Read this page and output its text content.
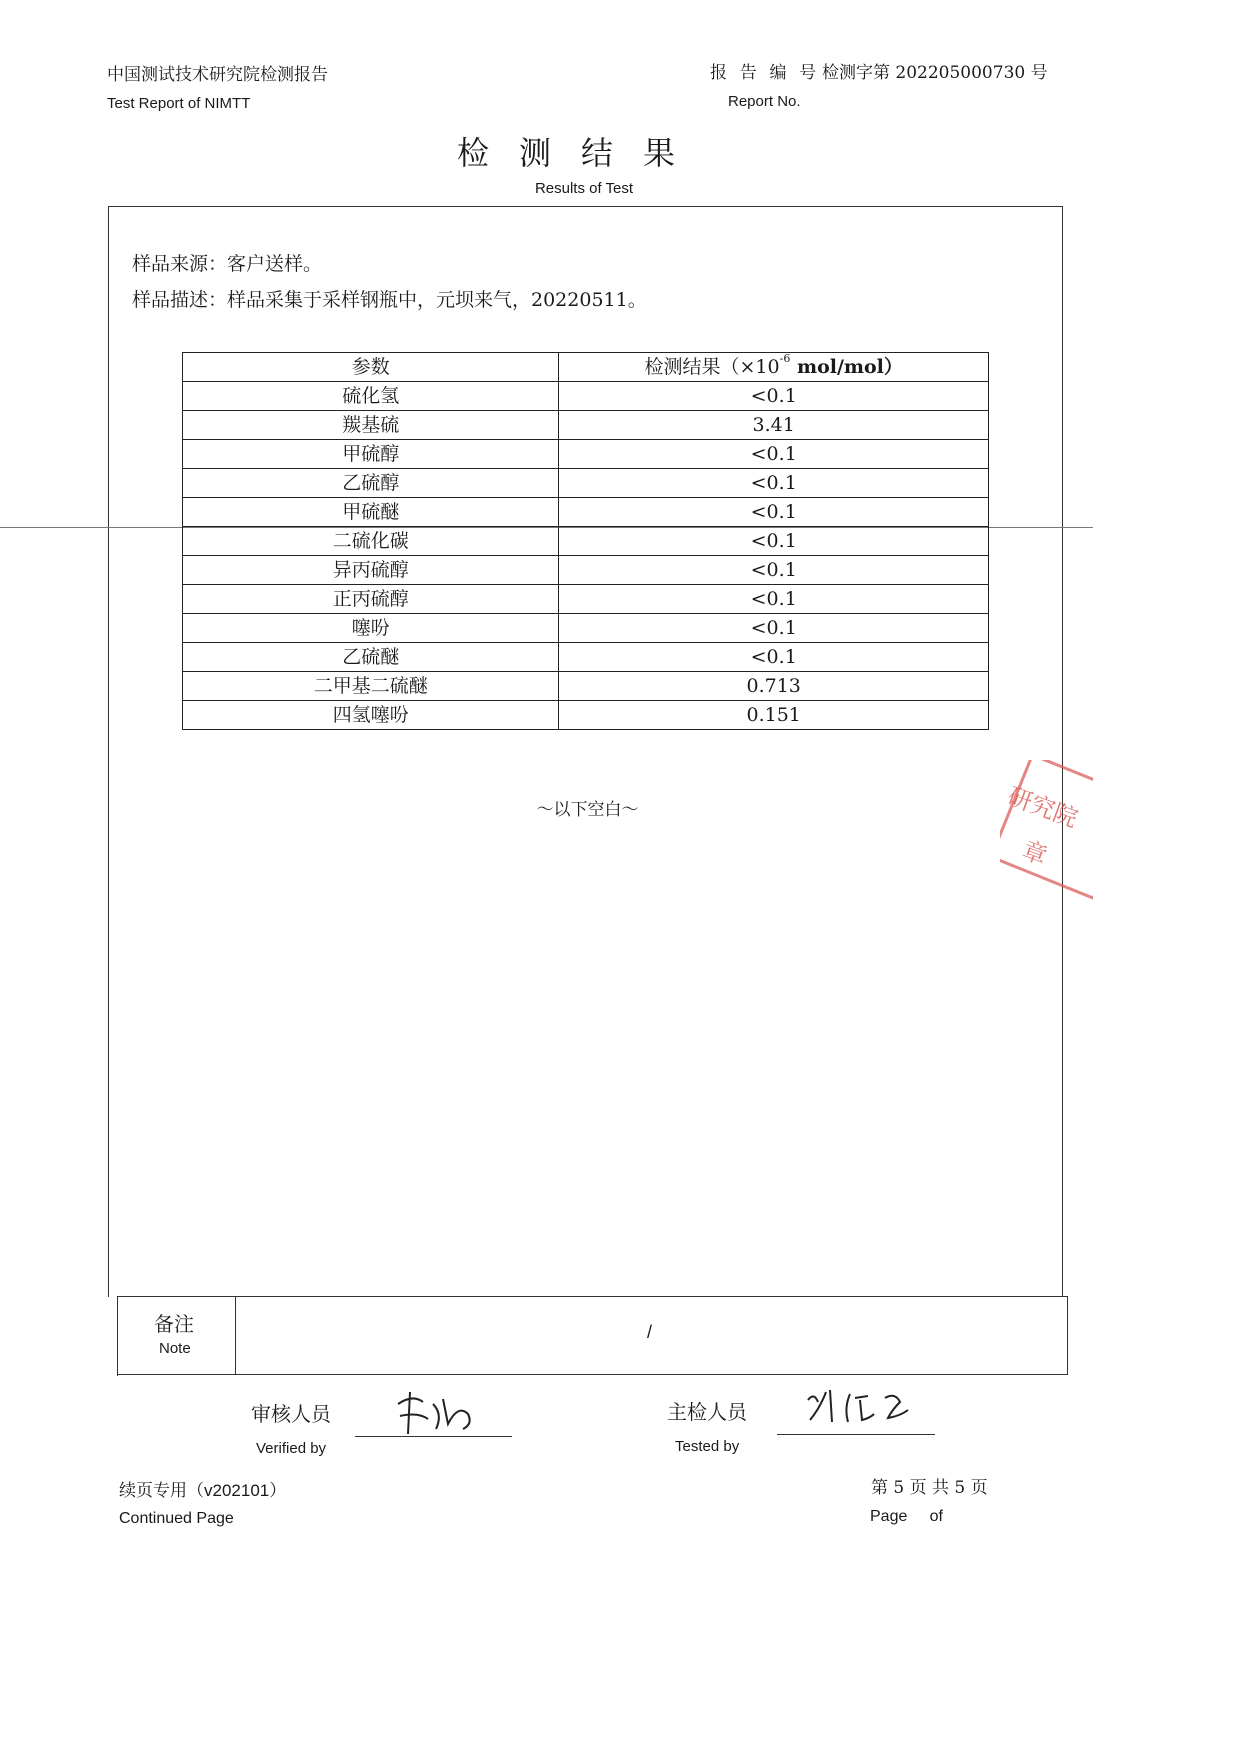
中国测试技术研究院检测报告
Test Report of NIMTT
报 告 编 号 检测字第 202205000730 号
Report No.
检测结果
Results of Test
样品来源：客户送样。
样品描述：样品采集于采样钢瓶中，元坝来气，20220511。
参数	检测结果（$\times 10^{-6}$ mol/mol）
硫化氢	<0.1
羰基硫	3.41
甲硫醇	<0.1
乙硫醇	<0.1
甲硫醚	<0.1
二硫化碳	<0.1
异丙硫醇	<0.1
正丙硫醇	<0.1
噻吩	<0.1
乙硫醚	<0.1
二甲基二硫醚	0.713
四氢噻吩	0.151
～以下空白～
备注
Note
/
审核人员
Verified by
主检人员
Tested by
研究院
章
续页专用（v202101）
Continued Page
第 5 页 共 5 页
Page     of
